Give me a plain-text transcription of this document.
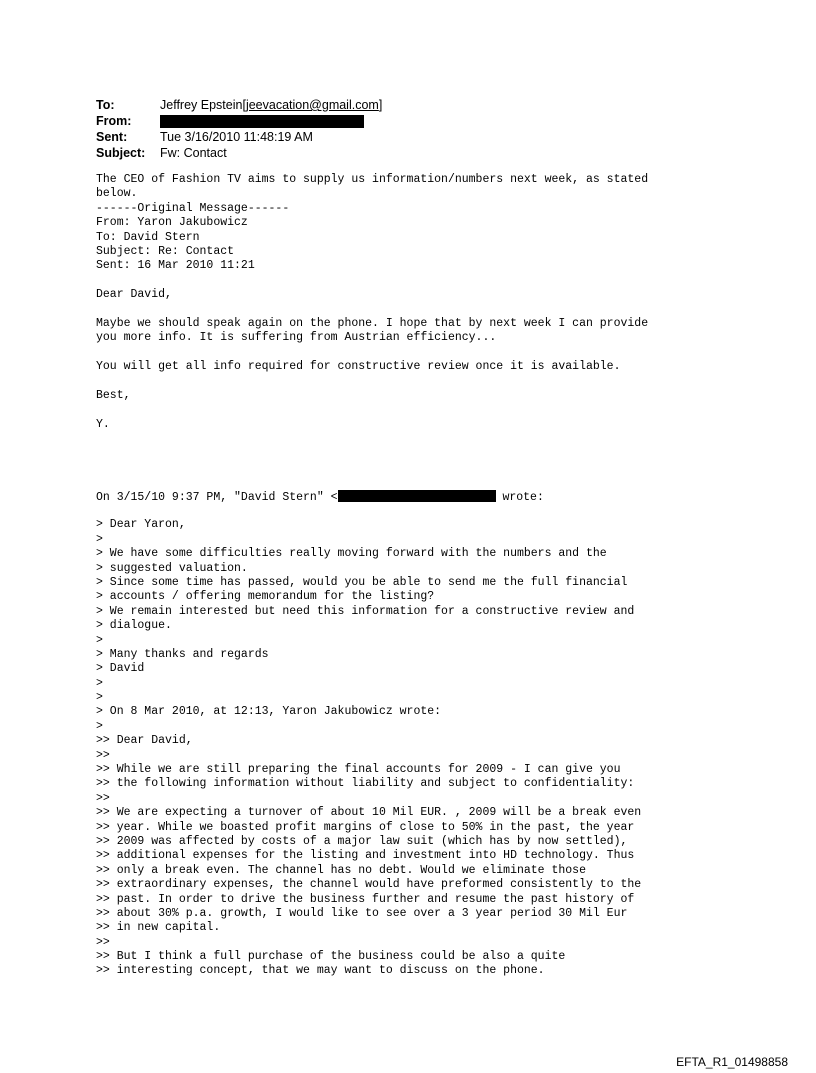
To:	Jeffrey Epstein[jeevacation@gmail.com]
From:
Sent:	Tue 3/16/2010 11:48:19 AM
Subject:	Fw: Contact
The CEO of Fashion TV aims to supply us information/numbers next week, as stated
below.
------Original Message------
From: Yaron Jakubowicz
To: David Stern
Subject: Re: Contact
Sent: 16 Mar 2010 11:21
Dear David,
Maybe we should speak again on the phone. I hope that by next week I can provide
you more info. It is suffering from Austrian efficiency...
You will get all info required for constructive review once it is available.
Best,
Y.
On 3/15/10 9:37 PM, "David Stern" <	wrote:
> Dear Yaron,
>
> We have some difficulties really moving forward with the numbers and the
> suggested valuation.
> Since some time has passed, would you be able to send me the full financial
> accounts / offering memorandum for the listing?
> We remain interested but need this information for a constructive review and
> dialogue.
>
> Many thanks and regards
> David
>
>
> On 8 Mar 2010, at 12:13, Yaron Jakubowicz wrote:
>
>> Dear David,
>>
>> While we are still preparing the final accounts for 2009 - I can give you
>> the following information without liability and subject to confidentiality:
>>
>> We are expecting a turnover of about 10 Mil EUR. , 2009 will be a break even
>> year. While we boasted profit margins of close to 50% in the past, the year
>> 2009 was affected by costs of a major law suit (which has by now settled),
>> additional expenses for the listing and investment into HD technology. Thus
>> only a break even. The channel has no debt. Would we eliminate those
>> extraordinary expenses, the channel would have preformed consistently to the
>> past. In order to drive the business further and resume the past history of
>> about 30% p.a. growth, I would like to see over a 3 year period 30 Mil Eur
>> in new capital.
>>
>> But I think a full purchase of the business could be also a quite
>> interesting concept, that we may want to discuss on the phone.
EFTA_R1_01498858
